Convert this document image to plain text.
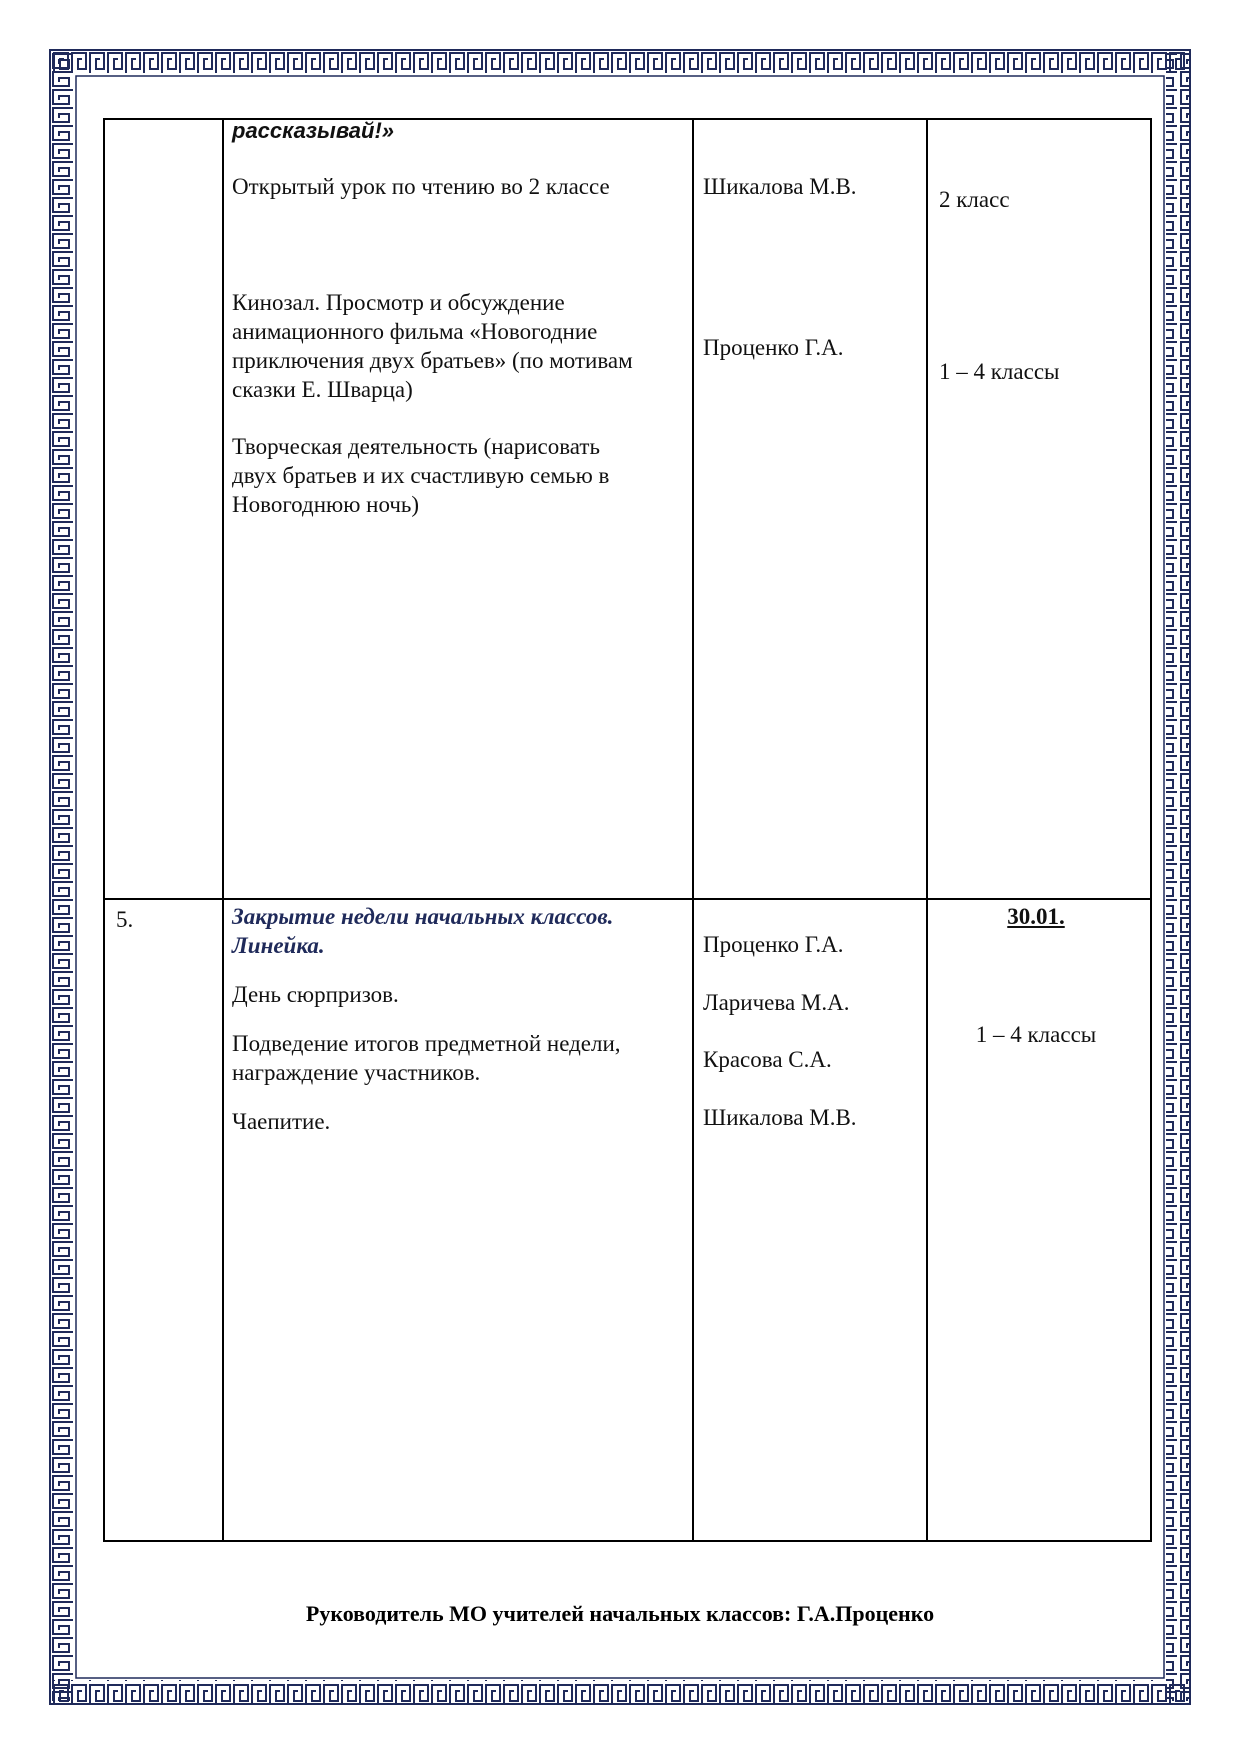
рассказывай!»
Открытый урок по чтению во 2 классе	Шикалова М.В.
2 класс
Кинозал. Просмотр и обсуждение
анимационного фильма «Новогодние
приключения двух братьев» (по мотивам
сказки Е. Шварца)
Проценко Г.А.
1 – 4 классы
Творческая деятельность (нарисовать
двух братьев и их счастливую семью в
Новогоднюю ночь)
5.	Закрытие недели начальных классов.
Линейка.
День сюрпризов.
Подведение итогов предметной недели,
награждение участников.
Чаепитие.
Проценко Г.А.
Ларичева М.А.
Красова С.А.
Шикалова М.В.
30.01.
1 – 4 классы
Руководитель МО учителей начальных классов: Г.А.Проценко
